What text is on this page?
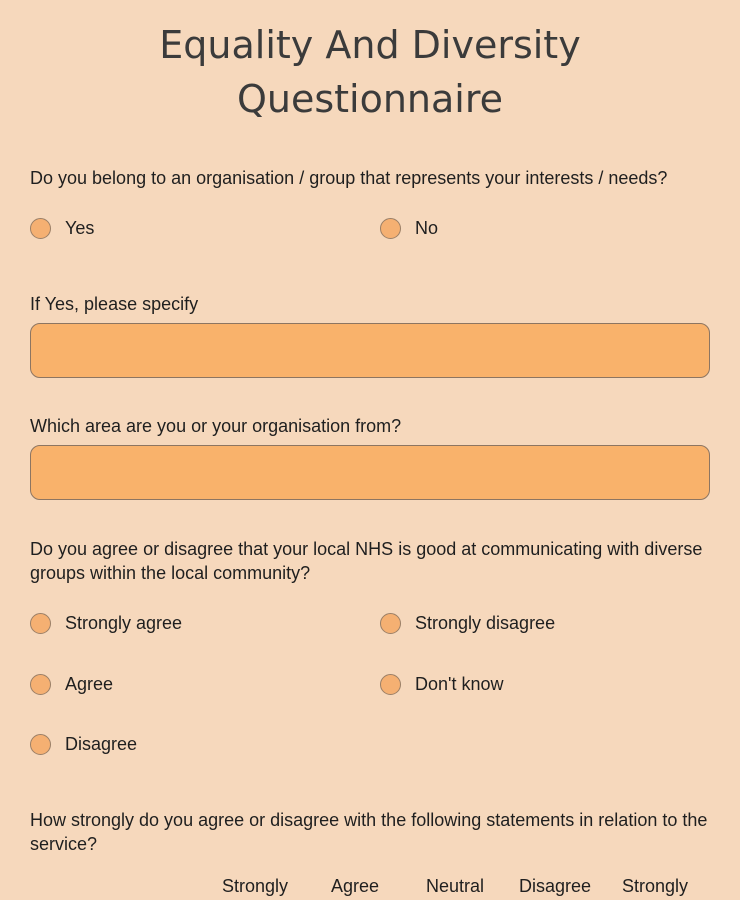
Equality And Diversity
Questionnaire

Do you belong to an organisation / group that represents your interests / needs?

Yes	No

If Yes, please specify

Which area are you or your organisation from?

Do you agree or disagree that your local NHS is good at communicating with diverse groups within the local community?

Strongly agree	Strongly disagree
Agree	Don't know
Disagree

How strongly do you agree or disagree with the following statements in relation to the service?

Strongly	Agree	Neutral	Disagree	Strongly
